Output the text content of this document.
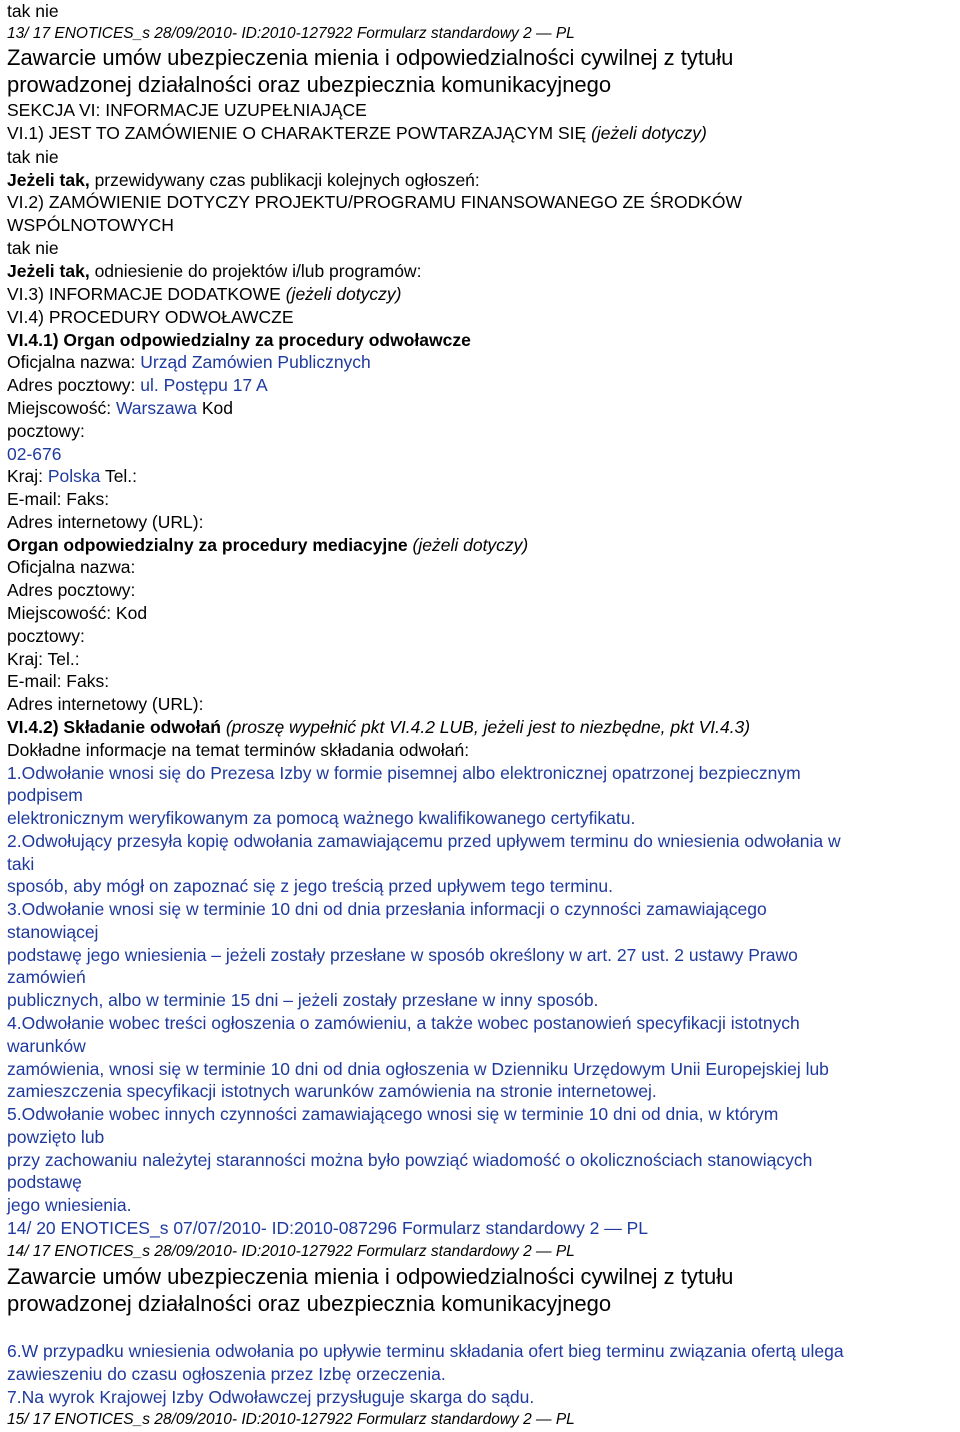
tak nie
13/ 17 ENOTICES_s 28/09/2010- ID:2010-127922 Formularz standardowy 2 — PL
Zawarcie umów ubezpieczenia mienia i odpowiedzialności cywilnej z tytułu
prowadzonej działalności oraz ubezpiecznia komunikacyjnego
SEKCJA VI: INFORMACJE UZUPEŁNIAJĄCE
VI.1) JEST TO ZAMÓWIENIE O CHARAKTERZE POWTARZAJĄCYM SIĘ (jeżeli dotyczy)
tak nie
Jeżeli tak, przewidywany czas publikacji kolejnych ogłoszeń:
VI.2) ZAMÓWIENIE DOTYCZY PROJEKTU/PROGRAMU FINANSOWANEGO ZE ŚRODKÓW
WSPÓLNOTOWYCH
tak nie
Jeżeli tak, odniesienie do projektów i/lub programów:
VI.3) INFORMACJE DODATKOWE (jeżeli dotyczy)
VI.4) PROCEDURY ODWOŁAWCZE
VI.4.1) Organ odpowiedzialny za procedury odwoławcze
Oficjalna nazwa: Urząd Zamówien Publicznych
Adres pocztowy: ul. Postępu 17 A
Miejscowość: Warszawa Kod
pocztowy:
02-676
Kraj: Polska Tel.:
E-mail: Faks:
Adres internetowy (URL):
Organ odpowiedzialny za procedury mediacyjne (jeżeli dotyczy)
Oficjalna nazwa:
Adres pocztowy:
Miejscowość: Kod
pocztowy:
Kraj: Tel.:
E-mail: Faks:
Adres internetowy (URL):
VI.4.2) Składanie odwołań (proszę wypełnić pkt VI.4.2 LUB, jeżeli jest to niezbędne, pkt VI.4.3)
Dokładne informacje na temat terminów składania odwołań:
1.Odwołanie wnosi się do Prezesa Izby w formie pisemnej albo elektronicznej opatrzonej bezpiecznym
podpisem
elektronicznym weryfikowanym za pomocą ważnego kwalifikowanego certyfikatu.
2.Odwołujący przesyła kopię odwołania zamawiającemu przed upływem terminu do wniesienia odwołania w
taki
sposób, aby mógł on zapoznać się z jego treścią przed upływem tego terminu.
3.Odwołanie wnosi się w terminie 10 dni od dnia przesłania informacji o czynności zamawiającego
stanowiącej
podstawę jego wniesienia – jeżeli zostały przesłane w sposób określony w art. 27 ust. 2 ustawy Prawo
zamówień
publicznych, albo w terminie 15 dni – jeżeli zostały przesłane w inny sposób.
4.Odwołanie wobec treści ogłoszenia o zamówieniu, a także wobec postanowień specyfikacji istotnych
warunków
zamówienia, wnosi się w terminie 10 dni od dnia ogłoszenia w Dzienniku Urzędowym Unii Europejskiej lub
zamieszczenia specyfikacji istotnych warunków zamówienia na stronie internetowej.
5.Odwołanie wobec innych czynności zamawiającego wnosi się w terminie 10 dni od dnia, w którym
powzięto lub
przy zachowaniu należytej staranności można było powziąć wiadomość o okolicznościach stanowiących
podstawę
jego wniesienia.
14/ 20 ENOTICES_s 07/07/2010- ID:2010-087296 Formularz standardowy 2 — PL
14/ 17 ENOTICES_s 28/09/2010- ID:2010-127922 Formularz standardowy 2 — PL
Zawarcie umów ubezpieczenia mienia i odpowiedzialności cywilnej z tytułu
prowadzonej działalności oraz ubezpiecznia komunikacyjnego
6.W przypadku wniesienia odwołania po upływie terminu składania ofert bieg terminu związania ofertą ulega
zawieszeniu do czasu ogłoszenia przez Izbę orzeczenia.
7.Na wyrok Krajowej Izby Odwoławczej przysługuje skarga do sądu.
15/ 17 ENOTICES_s 28/09/2010- ID:2010-127922 Formularz standardowy 2 — PL
